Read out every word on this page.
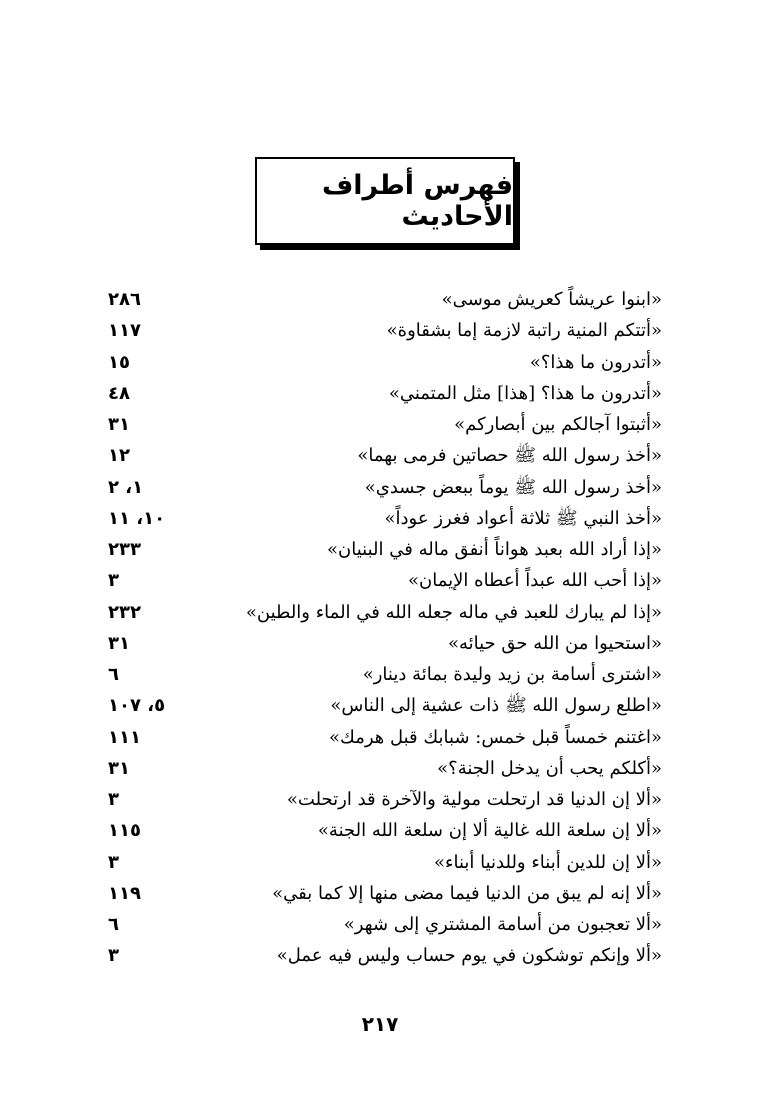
فهرس أطراف الأحاديث
«ابنوا عريشاً كعريش موسى»
٢٨٦
«أتتكم المنية راتبة لازمة إما بشقاوة»
١١٧
«أتدرون ما هذا؟»
١٥
«أتدرون ما هذا؟ [هذا] مثل المتمني»
٤٨
«أثبتوا آجالكم بين أبصاركم»
٣١
«أخذ رسول الله ﷺ حصاتين فرمى بهما»
١٢
«أخذ رسول الله ﷺ يوماً ببعض جسدي»
١، ٢
«أخذ النبي ﷺ ثلاثة أعواد فغرز عوداً»
١٠، ١١
«إذا أراد الله بعبد هواناً أنفق ماله في البنيان»
٢٣٣
«إذا أحب الله عبداً أعطاه الإيمان»
٣
«إذا لم يبارك للعبد في ماله جعله الله في الماء والطين»
٢٣٢
«استحيوا من الله حق حيائه»
٣١
«اشترى أسامة بن زيد وليدة بمائة دينار»
٦
«اطلع رسول الله ﷺ ذات عشية إلى الناس»
٥، ١٠٧
«اغتنم خمساً قبل خمس: شبابك قبل هرمك»
١١١
«أكلكم يحب أن يدخل الجنة؟»
٣١
«ألا إن الدنيا قد ارتحلت مولية والآخرة قد ارتحلت»
٣
«ألا إن سلعة الله غالية ألا إن سلعة الله الجنة»
١١٥
«ألا إن للدين أبناء وللدنيا أبناء»
٣
«ألا إنه لم يبق من الدنيا فيما مضى منها إلا كما بقي»
١١٩
«ألا تعجبون من أسامة المشتري إلى شهر»
٦
«ألا وإنكم توشكون في يوم حساب وليس فيه عمل»
٣
٢١٧
